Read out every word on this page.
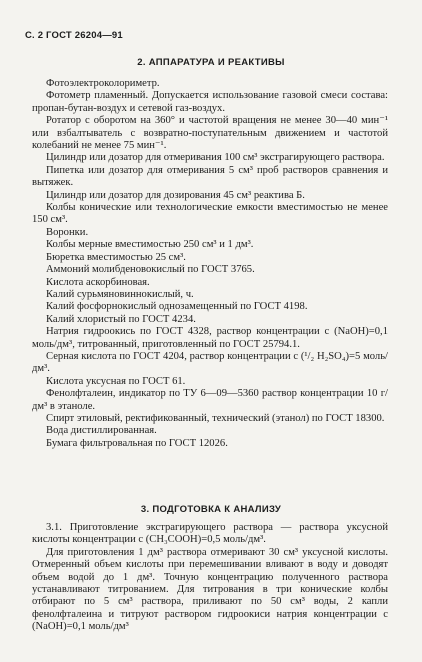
С. 2 ГОСТ 26204—91
2. АППАРАТУРА И РЕАКТИВЫ

Фотоэлектроколориметр.

Фотометр пламенный. Допускается использование газовой смеси состава: пропан-бутан-воздух и сетевой газ-воздух.

Ротатор с оборотом на 360° и частотой вращения не менее 30—40 мин⁻¹ или взбалтыватель с возвратно-поступательным движением и частотой колебаний не менее 75 мин⁻¹.

Цилиндр или дозатор для отмеривания 100 см³ экстрагирующего раствора.

Пипетка или дозатор для отмеривания 5 см³ проб растворов сравнения и вытяжек.

Цилиндр или дозатор для дозирования 45 см³ реактива Б.

Колбы конические или технологические емкости вместимостью не менее 150 см³.

Воронки.

Колбы мерные вместимостью 250 см³ и 1 дм³.

Бюретка вместимостью 25 см³.

Аммоний молибденовокислый по ГОСТ 3765.

Кислота аскорбиновая.

Калий сурьмяновиннокислый, ч.

Калий фосфорнокислый однозамещенный по ГОСТ 4198.

Калий хлористый по ГОСТ 4234.

Натрия гидроокись по ГОСТ 4328, раствор концентрации с (NaOH)=0,1 моль/дм³, титрованный, приготовленный по ГОСТ 25794.1.

Серная кислота по ГОСТ 4204, раствор концентрации с (¹/₂ H₂SO₄)=5 моль/дм³.

Кислота уксусная по ГОСТ 61.

Фенолфталеин, индикатор по ТУ 6—09—5360 раствор концентрации 10 г/дм³ в этаноле.

Спирт этиловый, ректификованный, технический (этанол) по ГОСТ 18300.

Вода дистиллированная.

Бумага фильтровальная по ГОСТ 12026.

3. ПОДГОТОВКА К АНАЛИЗУ

3.1. Приготовление экстрагирующего раствора — раствора уксусной кислоты концентрации с (CH₃COOH)=0,5 моль/дм³.

Для приготовления 1 дм³ раствора отмеривают 30 см³ уксусной кислоты. Отмеренный объем кислоты при перемешивании вливают в воду и доводят объем водой до 1 дм³. Точную концентрацию полученного раствора устанавливают титрованием. Для титрования в три конические колбы отбирают по 5 см³ раствора, приливают по 50 см³ воды, 2 капли фенолфталеина и титруют раствором гидроокиси натрия концентрации с (NaOH)=0,1 моль/дм³
